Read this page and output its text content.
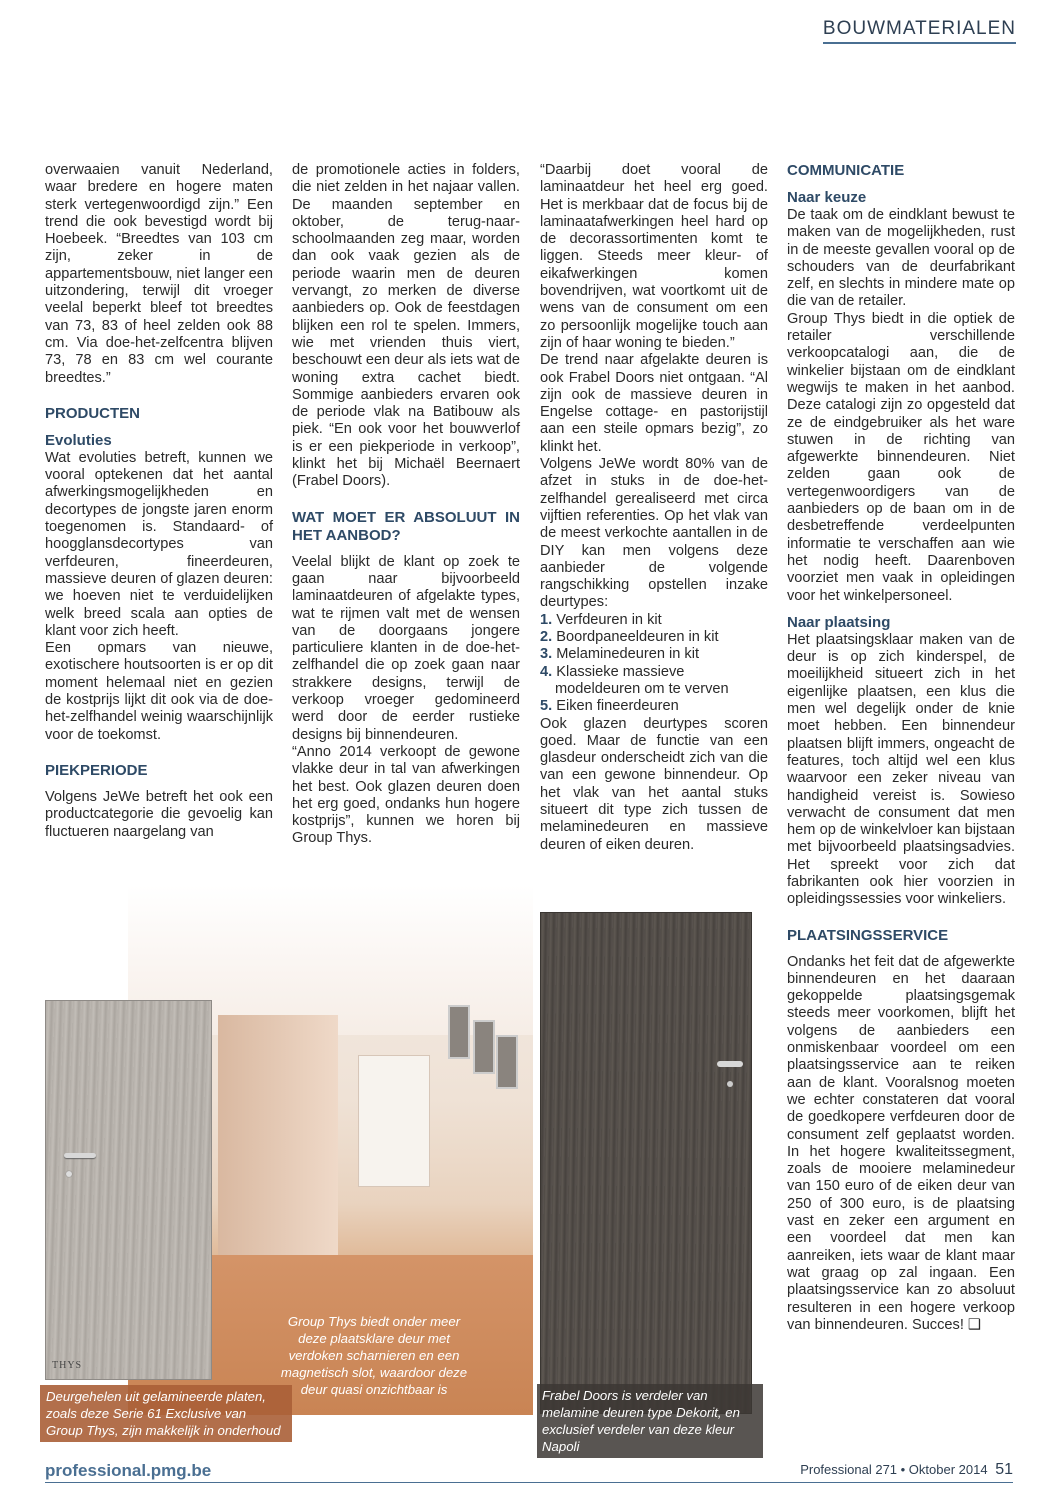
BOUWMATERIALEN

overwaaien vanuit Nederland, waar bredere en hogere maten sterk vertegenwoordigd zijn.” Een trend die ook bevestigd wordt bij Hoebeek. “Breedtes van 103 cm zijn, zeker in de appartementsbouw, niet langer een uitzondering, terwijl dit vroeger veelal beperkt bleef tot breedtes van 73, 83 of heel zelden ook 88 cm. Via doe-het-zelfcentra blijven 73, 78 en 83 cm wel courante breedtes.”

PRODUCTEN
Evoluties

Wat evoluties betreft, kunnen we vooral optekenen dat het aantal afwerkingsmogelijkheden en decortypes de jongste jaren enorm toegenomen is. Standaard- of hoogglansdecortypes van verfdeuren, fineerdeuren, massieve deuren of glazen deuren: we hoeven niet te verduidelijken welk breed scala aan opties de klant voor zich heeft.

Een opmars van nieuwe, exotischere houtsoorten is er op dit moment helemaal niet en gezien de kostprijs lijkt dit ook via de doe-het-zelfhandel weinig waarschijnlijk voor de toekomst.

PIEKPERIODE

Volgens JeWe betreft het ook een productcategorie die gevoelig kan fluctueren naargelang van

de promotionele acties in folders, die niet zelden in het najaar vallen. De maanden september en oktober, de terug-naar-schoolmaanden zeg maar, worden dan ook vaak gezien als de periode waarin men de deuren vervangt, zo merken de diverse aanbieders op. Ook de feestdagen blijken een rol te spelen. Immers, wie met vrienden thuis viert, beschouwt een deur als iets wat de woning extra cachet biedt. Sommige aanbieders ervaren ook de periode vlak na Batibouw als piek. “En ook voor het bouwverlof is er een piekperiode in verkoop”, klinkt het bij Michaël Beernaert (Frabel Doors).

WAT MOET ER ABSOLUUT IN HET AANBOD?

Veelal blijkt de klant op zoek te gaan naar bijvoorbeeld laminaatdeuren of afgelakte types, wat te rijmen valt met de wensen van de doorgaans jongere particuliere klanten in de doe-het-zelfhandel die op zoek gaan naar strakkere designs, terwijl de verkoop vroeger gedomineerd werd door de eerder rustieke designs bij binnendeuren.

“Anno 2014 verkoopt de gewone vlakke deur in tal van afwerkingen het best. Ook glazen deuren doen het erg goed, ondanks hun hogere kostprijs”, kunnen we horen bij Group Thys.

“Daarbij doet vooral de laminaatdeur het heel erg goed. Het is merkbaar dat de focus bij de laminaatafwerkingen heel hard op de decorassortimenten komt te liggen. Steeds meer kleur- of eikafwerkingen komen bovendrijven, wat voortkomt uit de wens van de consument om een zo persoonlijk mogelijke touch aan zijn of haar woning te bieden.”

De trend naar afgelakte deuren is ook Frabel Doors niet ontgaan. “Al zijn ook de massieve deuren in Engelse cottage- en pastorijstijl aan een steile opmars bezig”, zo klinkt het.

Volgens JeWe wordt 80% van de afzet in stuks in de doe-het-zelfhandel gerealiseerd met circa vijftien referenties. Op het vlak van de meest verkochte aantallen in de DIY kan men volgens deze aanbieder de volgende rangschikking opstellen inzake deurtypes:

1. Verfdeuren in kit
2. Boordpaneeldeuren in kit
3. Melaminedeuren in kit
4. Klassieke massieve modeldeuren om te verven
5. Eiken fineerdeuren

Ook glazen deurtypes scoren goed. Maar de functie van een glasdeur onderscheidt zich van die van een gewone binnendeur. Op het vlak van het aantal stuks situeert dit type zich tussen de melaminedeuren en massieve deuren of eiken deuren.

COMMUNICATIE
Naar keuze

De taak om de eindklant bewust te maken van de mogelijkheden, rust in de meeste gevallen vooral op de schouders van de deurfabrikant zelf, en slechts in mindere mate op die van de retailer.

Group Thys biedt in die optiek de retailer verschillende verkoopcatalogi aan, die de winkelier bijstaan om de eindklant wegwijs te maken in het aanbod. Deze catalogi zijn zo opgesteld dat ze de eindgebruiker als het ware stuwen in de richting van afgewerkte binnendeuren. Niet zelden gaan ook de vertegenwoordigers van de aanbieders op de baan om in de desbetreffende verdeelpunten informatie te verschaffen aan wie het nodig heeft. Daarenboven voorziet men vaak in opleidingen voor het winkelpersoneel.

Naar plaatsing

Het plaatsingsklaar maken van de deur is op zich kinderspel, de moeilijkheid situeert zich in het eigenlijke plaatsen, een klus die men wel degelijk onder de knie moet hebben. Een binnendeur plaatsen blijft immers, ongeacht de features, toch altijd wel een klus waarvoor een zeker niveau van handigheid vereist is. Sowieso verwacht de consument dat men hem op de winkelvloer kan bijstaan met bijvoorbeeld plaatsingsadvies. Het spreekt voor zich dat fabrikanten ook hier voorzien in opleidingssessies voor winkeliers.

PLAATSINGSSERVICE

Ondanks het feit dat de afgewerkte binnendeuren en het daaraan gekoppelde plaatsingsgemak steeds meer voorkomen, blijft het volgens de aanbieders een onmiskenbaar voordeel om een plaatsingsservice aan te reiken aan de klant. Vooralsnog moeten we echter constateren dat vooral de goedkopere verfdeuren door de consument zelf geplaatst worden. In het hogere kwaliteitssegment, zoals de mooiere melaminedeur van 150 euro of de eiken deur van 250 of 300 euro, is de plaatsing vast en zeker een argument en een voordeel dat men kan aanreiken, iets waar de klant maar wat graag op zal ingaan. Een plaatsingsservice kan zo absoluut resulteren in een hogere verkoop van binnendeuren. Succes! ❑

THYS
Group Thys biedt onder meer deze plaatsklare deur met verdoken scharnieren en een magnetisch slot, waardoor deze deur quasi onzichtbaar is
Deurgehelen uit gelamineerde platen, zoals deze Serie 61 Exclusive van Group Thys, zijn makkelijk in onderhoud
Frabel Doors is verdeler van melamine deuren type Dekorit, en exclusief verdeler van deze kleur Napoli
professional.pmg.be	Professional 271 • Oktober 2014 51
